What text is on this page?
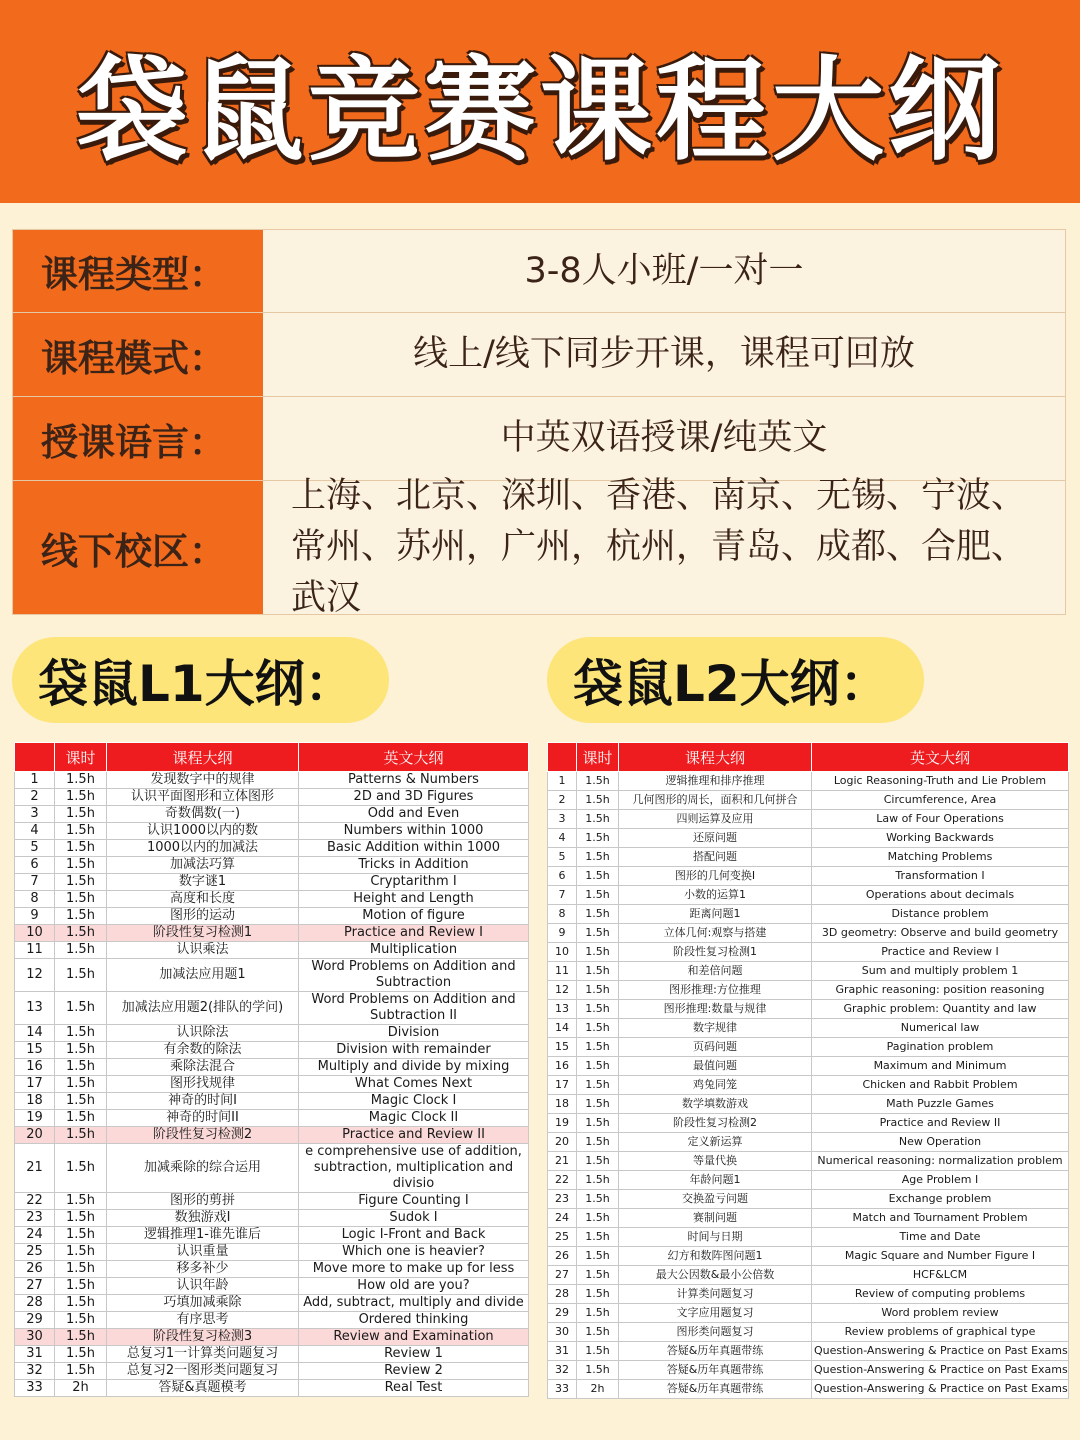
袋鼠竞赛课程大纲
课程类型：	3-8人小班/一对一
课程模式：	线上/线下同步开课，课程可回放
授课语言：	中英双语授课/纯英文
线下校区：
上海、北京、深圳、香港、南京、无锡、宁波、常州、苏州，广州，杭州，青岛、成都、合肥、武汉
袋鼠L1大纲：	袋鼠L2大纲：
	课时	课程大纲	英文大纲
1	1.5h	发现数字中的规律	Patterns & Numbers
2	1.5h	认识平面图形和立体图形	2D and 3D Figures
3	1.5h	奇数偶数(一)	Odd and Even
4	1.5h	认识1000以内的数	Numbers within 1000
5	1.5h	1000以内的加减法	Basic Addition within 1000
6	1.5h	加减法巧算	Tricks in Addition
7	1.5h	数字谜1	Cryptarithm I
8	1.5h	高度和长度	Height and Length
9	1.5h	图形的运动	Motion of figure
10	1.5h	阶段性复习检测1	Practice and Review I
11	1.5h	认识乘法	Multiplication
12	1.5h	加减法应用题1	Word Problems on Addition and Subtraction
13	1.5h	加减法应用题2(排队的学问)	Word Problems on Addition and Subtraction II
14	1.5h	认识除法	Division
15	1.5h	有余数的除法	Division with remainder
16	1.5h	乘除法混合	Multiply and divide by mixing
17	1.5h	图形找规律	What Comes Next
18	1.5h	神奇的时间I	Magic Clock I
19	1.5h	神奇的时间II	Magic Clock II
20	1.5h	阶段性复习检测2	Practice and Review II
21	1.5h	加减乘除的综合运用	e comprehensive use of addition, subtraction, multiplication and divisio
22	1.5h	图形的剪拼	Figure Counting I
23	1.5h	数独游戏I	Sudok I
24	1.5h	逻辑推理1-谁先谁后	Logic I-Front and Back
25	1.5h	认识重量	Which one is heavier?
26	1.5h	移多补少	Move more to make up for less
27	1.5h	认识年龄	How old are you?
28	1.5h	巧填加减乘除	Add, subtract, multiply and divide
29	1.5h	有序思考	Ordered thinking
30	1.5h	阶段性复习检测3	Review and Examination
31	1.5h	总复习1一计算类问题复习	Review 1
32	1.5h	总复习2一图形类问题复习	Review 2
33	2h	答疑&真题模考	Real Test
	课时	课程大纲	英文大纲
1	1.5h	逻辑推理和排序推理	Logic Reasoning-Truth and Lie Problem
2	1.5h	几何图形的周长，面积和几何拼合	Circumference, Area
3	1.5h	四则运算及应用	Law of Four Operations
4	1.5h	还原问题	Working Backwards
5	1.5h	搭配问题	Matching Problems
6	1.5h	图形的几何变换I	Transformation I
7	1.5h	小数的运算1	Operations about decimals
8	1.5h	距离问题1	Distance problem
9	1.5h	立体几何:观察与搭建	3D geometry: Observe and build geometry
10	1.5h	阶段性复习检测1	Practice and Review I
11	1.5h	和差倍问题	Sum and multiply problem 1
12	1.5h	图形推理:方位推理	Graphic reasoning: position reasoning
13	1.5h	图形推理:数量与规律	Graphic problem: Quantity and law
14	1.5h	数字规律	Numerical law
15	1.5h	页码问题	Pagination problem
16	1.5h	最值问题	Maximum and Minimum
17	1.5h	鸡兔同笼	Chicken and Rabbit Problem
18	1.5h	数学填数游戏	Math Puzzle Games
19	1.5h	阶段性复习检测2	Practice and Review II
20	1.5h	定义新运算	New Operation
21	1.5h	等量代换	Numerical reasoning: normalization problem
22	1.5h	年龄问题1	Age Problem I
23	1.5h	交换盈亏问题	Exchange problem
24	1.5h	赛制问题	Match and Tournament Problem
25	1.5h	时间与日期	Time and Date
26	1.5h	幻方和数阵图问题1	Magic Square and Number Figure I
27	1.5h	最大公因数&最小公倍数	HCF&LCM
28	1.5h	计算类问题复习	Review of computing problems
29	1.5h	文字应用题复习	Word problem review
30	1.5h	图形类问题复习	Review problems of graphical type
31	1.5h	答疑&历年真题带练	Question-Answering & Practice on Past Exams
32	1.5h	答疑&历年真题带练	Question-Answering & Practice on Past Exams
33	2h	答疑&历年真题带练	Question-Answering & Practice on Past Exams
